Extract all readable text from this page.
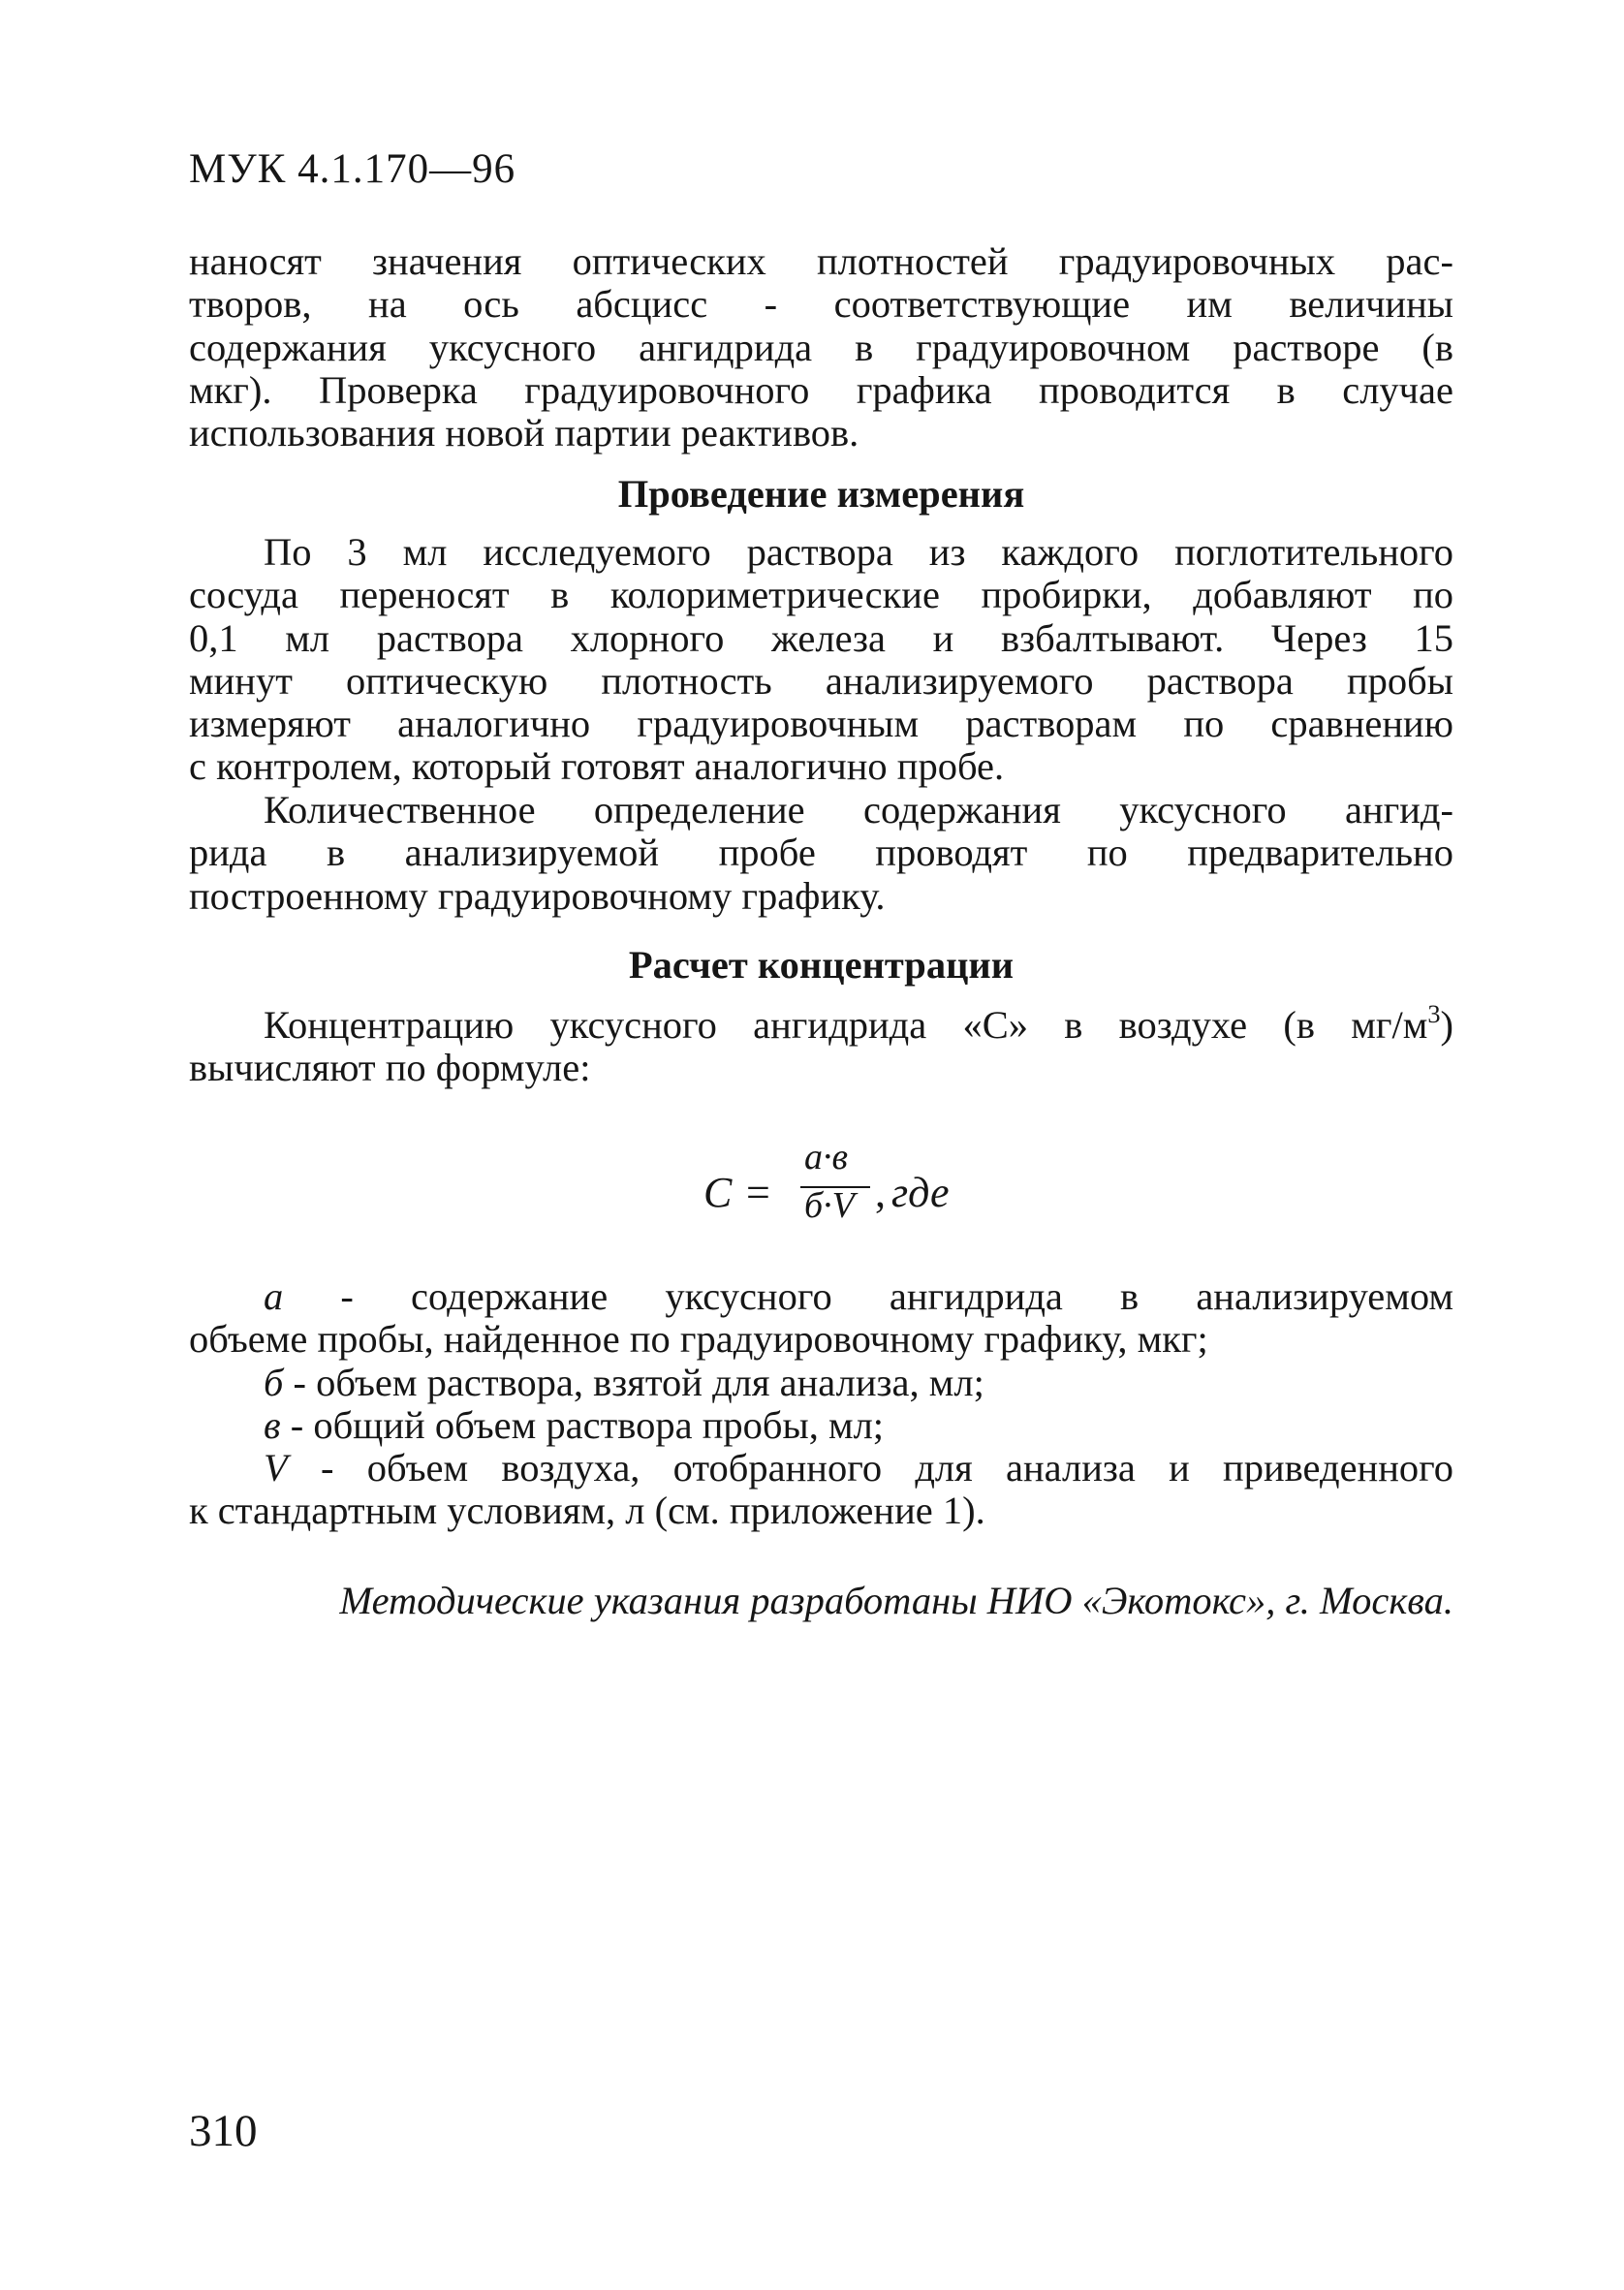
МУК 4.1.170—96
наносят значения оптических плотностей градуировочных рас-
творов, на ось абсцисс - соответствующие им величины
содержания уксусного ангидрида в градуировочном растворе (в
мкг). Проверка градуировочного графика проводится в случае
использования новой партии реактивов.
Проведение измерения
По 3 мл исследуемого раствора из каждого поглотительного
сосуда переносят в колориметрические пробирки, добавляют по
0,1 мл раствора хлорного железа и взбалтывают. Через 15
минут оптическую плотность анализируемого раствора пробы
измеряют аналогично градуировочным растворам по сравнению
с контролем, который готовят аналогично пробе.
Количественное определение содержания уксусного ангид-
рида в анализируемой пробе проводят по предварительно
построенному градуировочному графику.
Расчет концентрации
Концентрацию уксусного ангидрида «С» в воздухе (в $мг/м^3$)
вычисляют по формуле:
C =
а·в
б·V , где
а - содержание уксусного ангидрида в анализируемом
объеме пробы, найденное по градуировочному графику, мкг;
б - объем раствора, взятой для анализа, мл;
в - общий объем раствора пробы, мл;
V - объем воздуха, отобранного для анализа и приведенного
к стандартным условиям, л (см. приложение 1).
Методические указания разработаны НИО «Экотокс», г. Москва.
310
